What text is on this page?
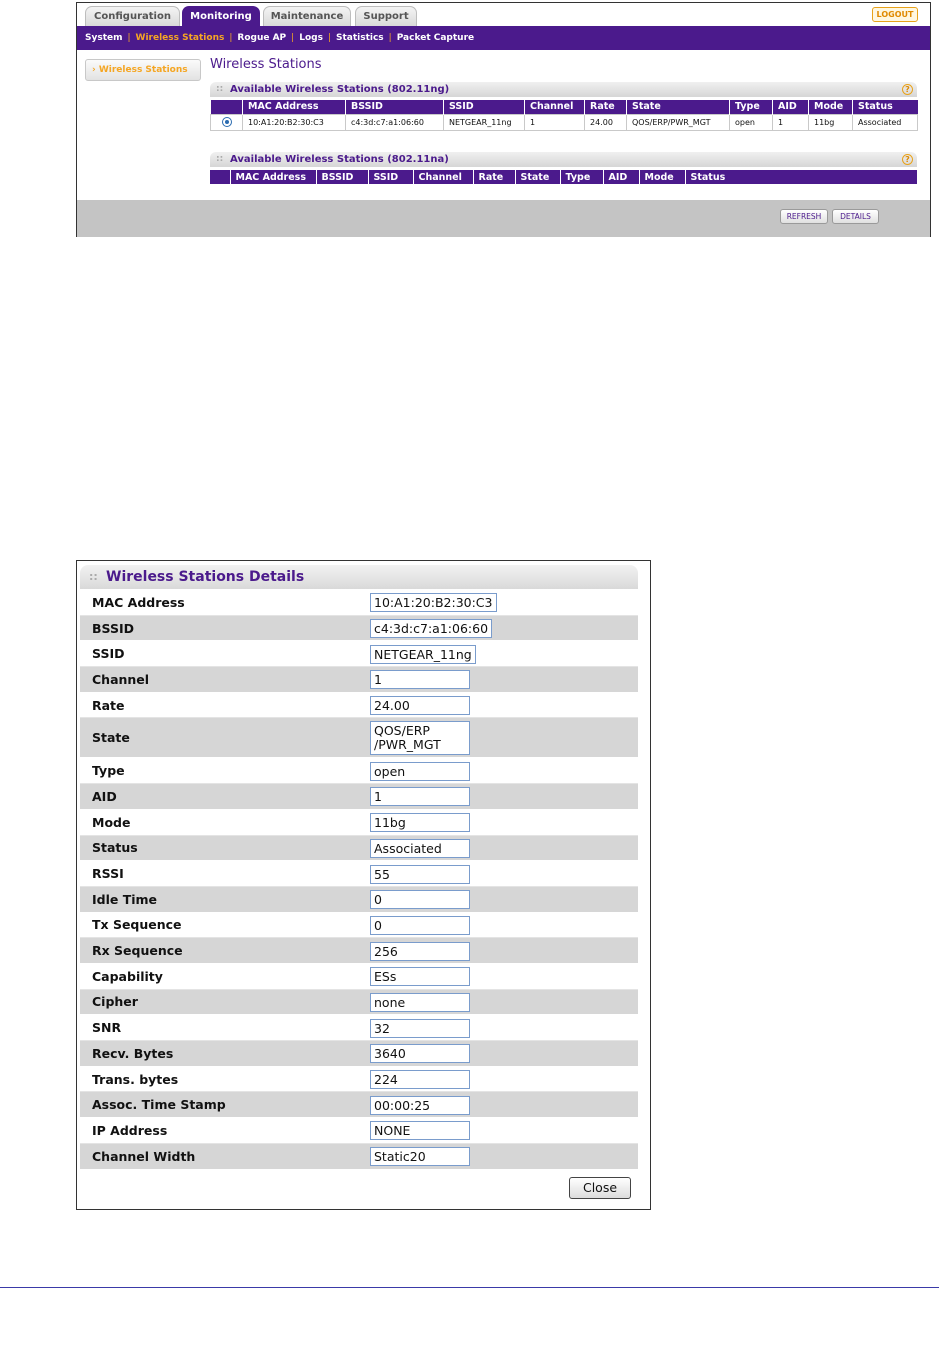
Configuration	Monitoring	Maintenance	Support	LOGOUT
System | Wireless Stations | Rogue AP | Logs | Statistics | Packet Capture
› Wireless Stations	Wireless Stations
:: Available Wireless Stations (802.11ng)	?
	MAC Address	BSSID	SSID	Channel	Rate	State	Type	AID	Mode	Status
	10:A1:20:B2:30:C3	c4:3d:c7:a1:06:60	NETGEAR_11ng	1	24.00	QOS/ERP/PWR_MGT	open	1	11bg	Associated
:: Available Wireless Stations (802.11na)	?
	MAC Address	BSSID	SSID	Channel	Rate	State	Type	AID	Mode	Status
REFRESH	DETAILS
:: Wireless Stations Details
MAC Address	10:A1:20:B2:30:C3
BSSID	c4:3d:c7:a1:06:60
SSID	NETGEAR_11ng
Channel	1
Rate	24.00
State	QOS/ERP
/PWR_MGT
Type	open
AID	1
Mode	11bg
Status	Associated
RSSI	55
Idle Time	0
Tx Sequence	0
Rx Sequence	256
Capability	ESs
Cipher	none
SNR	32
Recv. Bytes	3640
Trans. bytes	224
Assoc. Time Stamp	00:00:25
IP Address	NONE
Channel Width	Static20
Close
